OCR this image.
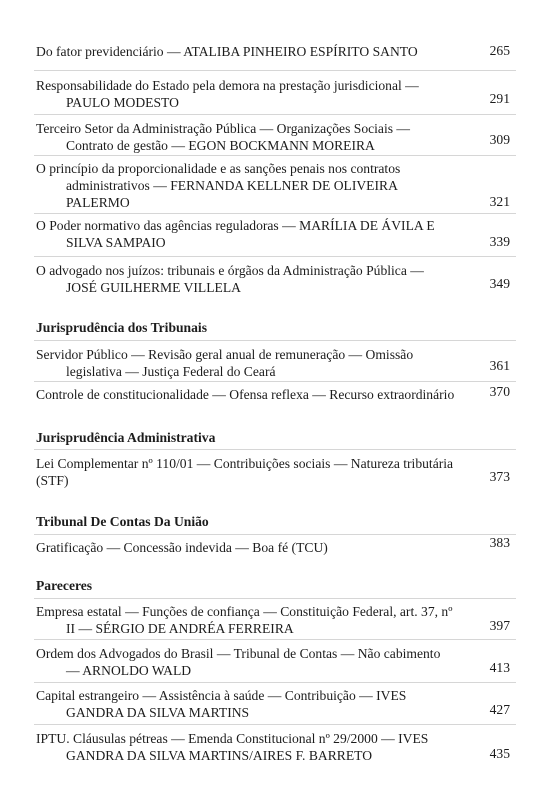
Do fator previdenciário — ATALIBA PINHEIRO ESPÍRITO SANTO	265
Responsabilidade do Estado pela demora na prestação jurisdicional —
PAULO MODESTO	291
Terceiro Setor da Administração Pública — Organizações Sociais —
Contrato de gestão — EGON BOCKMANN MOREIRA	309
O princípio da proporcionalidade e as sanções penais nos contratos
administrativos — FERNANDA KELLNER DE OLIVEIRA
PALERMO	321
O Poder normativo das agências reguladoras — MARÍLIA DE ÁVILA E
SILVA SAMPAIO	339
O advogado nos juízos: tribunais e órgãos da Administração Pública —
JOSÉ GUILHERME VILLELA	349
Jurisprudência dos Tribunais
Servidor Público — Revisão geral anual de remuneração — Omissão
legislativa — Justiça Federal do Ceará	361
Controle de constitucionalidade — Ofensa reflexa — Recurso extraordinário	370
Jurisprudência Administrativa
Lei Complementar nº 110/01 — Contribuições sociais — Natureza tributária
(STF)	373
Tribunal De Contas Da União
Gratificação — Concessão indevida — Boa fé (TCU)	383
Pareceres
Empresa estatal — Funções de confiança — Constituição Federal, art. 37, nº
II — SÉRGIO DE ANDRÉA FERREIRA	397
Ordem dos Advogados do Brasil — Tribunal de Contas — Não cabimento
— ARNOLDO WALD	413
Capital estrangeiro — Assistência à saúde — Contribuição — IVES
GANDRA DA SILVA MARTINS	427
IPTU. Cláusulas pétreas — Emenda Constitucional nº 29/2000 — IVES
GANDRA DA SILVA MARTINS/AIRES F. BARRETO	435
